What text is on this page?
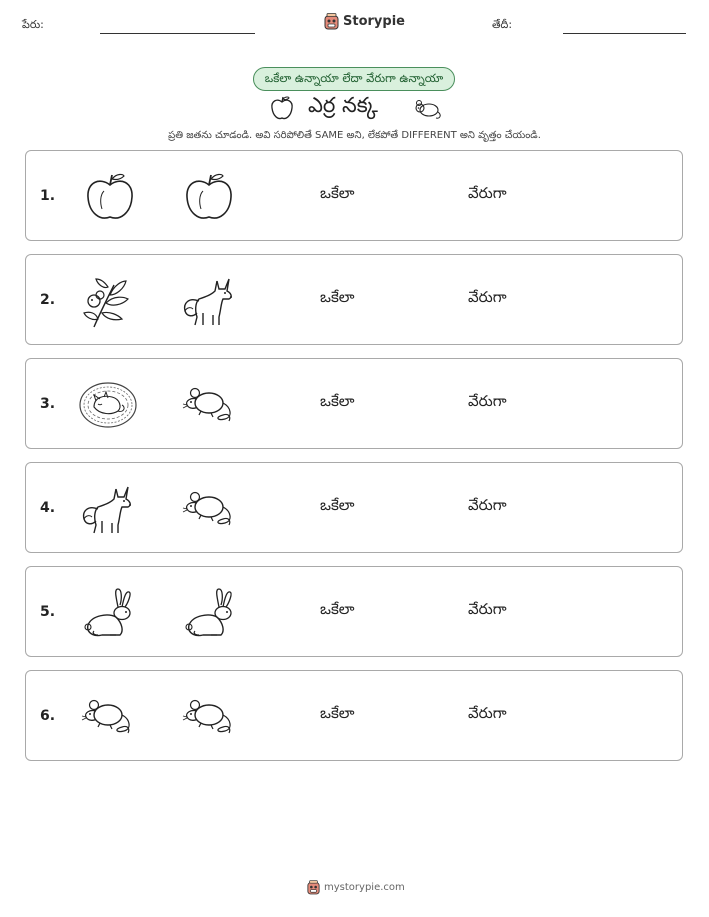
పేరు:	Storypie	తేదీ:
ఒకేలా ఉన్నాయా లేదా వేరుగా ఉన్నాయా
ఎర్ర నక్క
ప్రతి జతను చూడండి. అవి సరిపోలితే SAME అని, లేకపోతే DIFFERENT అని వృత్తం చేయండి.
1.	ఒకేలా	వేరుగా
2.	ఒకేలా	వేరుగా
3.	ఒకేలా	వేరుగా
4.	ఒకేలా	వేరుగా
5.	ఒకేలా	వేరుగా
6.	ఒకేలా	వేరుగా
mystorypie.com
